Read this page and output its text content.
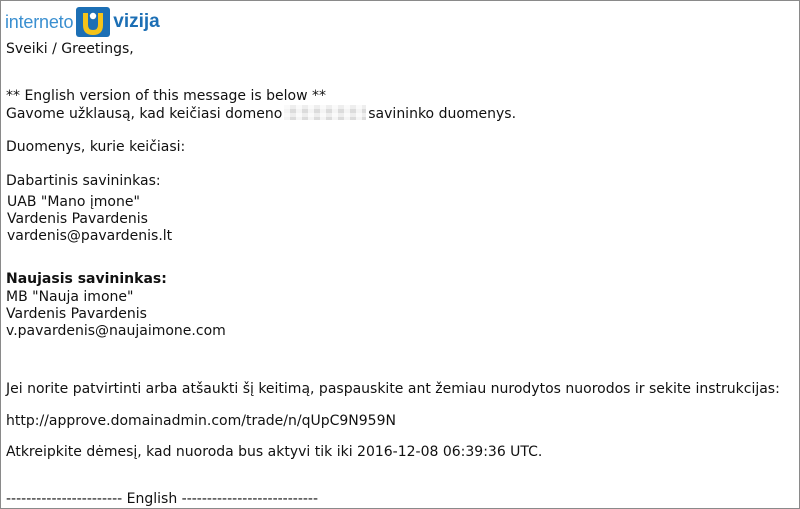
interneto vizija
Sveiki / Greetings,
** English version of this message is below **
Gavome užklausą, kad keičiasi domeno	savininko duomenys.
Duomenys, kurie keičiasi:
Dabartinis savininkas:
UAB "Mano įmone"
Vardenis Pavardenis
vardenis@pavardenis.lt
Naujasis savininkas:
MB "Nauja imone"
Vardenis Pavardenis
v.pavardenis@naujaimone.com
Jei norite patvirtinti arba atšaukti šį keitimą, paspauskite ant žemiau nurodytos nuorodos ir sekite instrukcijas:
http://approve.domainadmin.com/trade/n/qUpC9N959N
Atkreipkite dėmesį, kad nuoroda bus aktyvi tik iki 2016-12-08 06:39:36 UTC.
----------------------- English ---------------------------
